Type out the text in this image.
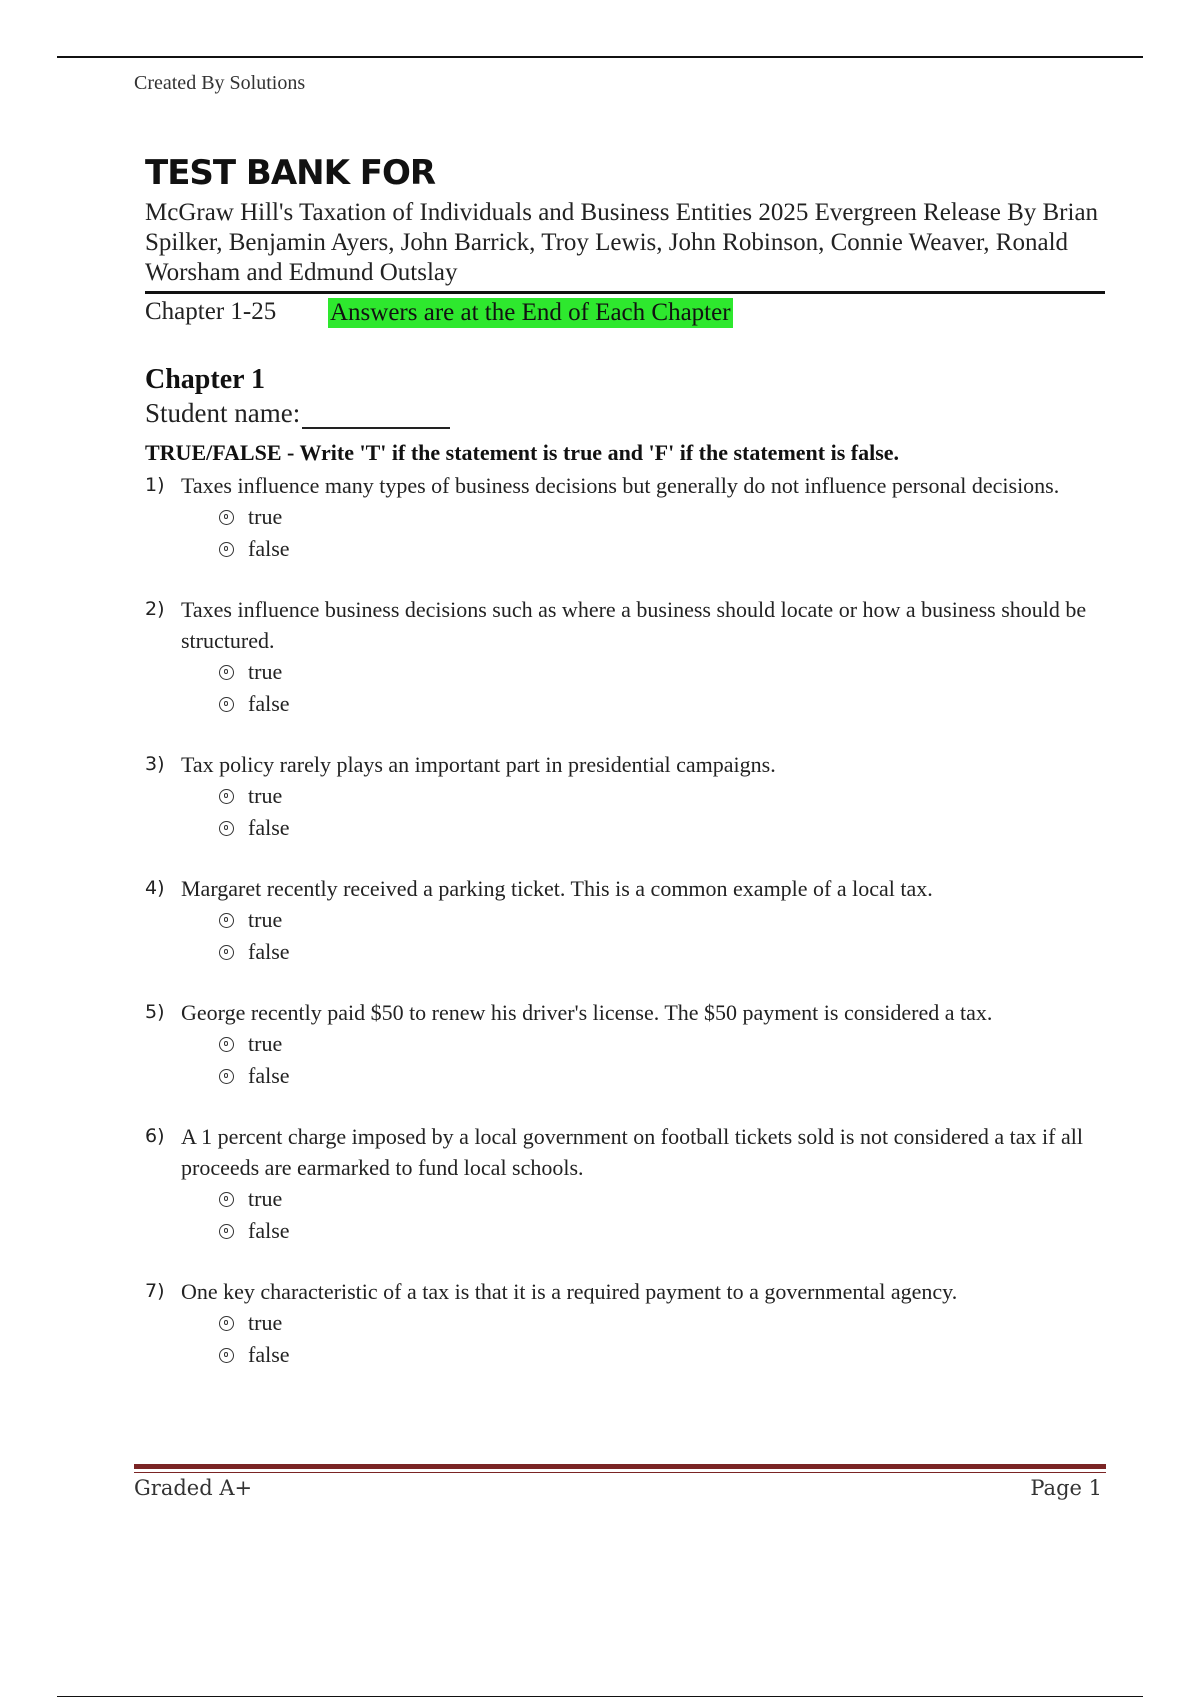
Created By Solutions
TEST BANK FOR
McGraw Hill's Taxation of Individuals and Business Entities 2025 Evergreen Release By Brian Spilker, Benjamin Ayers, John Barrick, Troy Lewis, John Robinson, Connie Weaver, Ronald Worsham and Edmund Outslay
Chapter 1-25 Answers are at the End of Each Chapter
Chapter 1
Student name:
TRUE/FALSE - Write 'T' if the statement is true and 'F' if the statement is false.
1) Taxes influence many types of business decisions but generally do not influence personal decisions.
true
false
2) Taxes influence business decisions such as where a business should locate or how a business should be structured.
true
false
3) Tax policy rarely plays an important part in presidential campaigns.
true
false
4) Margaret recently received a parking ticket. This is a common example of a local tax.
true
false
5) George recently paid $50 to renew his driver's license. The $50 payment is considered a tax.
true
false
6) A 1 percent charge imposed by a local government on football tickets sold is not considered a tax if all proceeds are earmarked to fund local schools.
true
false
7) One key characteristic of a tax is that it is a required payment to a governmental agency.
true
false
Graded A+	Page 1
